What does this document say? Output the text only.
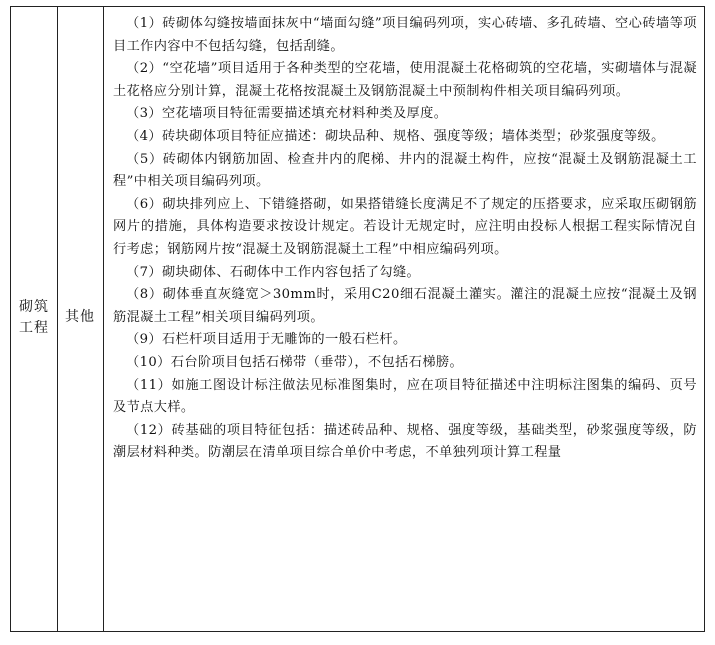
砌筑
工程
其他

（1）砖砌体勾缝按墙面抹灰中“墙面勾缝”项目编码列项，实心砖墙、多孔砖墙、空心砖墙等项目工作内容中不包括勾缝，包括刮缝。

（2）“空花墙”项目适用于各种类型的空花墙，使用混凝土花格砌筑的空花墙，实砌墙体与混凝土花格应分别计算，混凝土花格按混凝土及钢筋混凝土中预制构件相关项目编码列项。

（3）空花墙项目特征需要描述填充材料种类及厚度。

（4）砖块砌体项目特征应描述：砌块品种、规格、强度等级；墙体类型；砂浆强度等级。

（5）砖砌体内钢筋加固、检查井内的爬梯、井内的混凝土构件，应按“混凝土及钢筋混凝土工程”中相关项目编码列项。

（6）砌块排列应上、下错缝搭砌，如果搭错缝长度满足不了规定的压搭要求，应采取压砌钢筋网片的措施，具体构造要求按设计规定。若设计无规定时，应注明由投标人根据工程实际情况自行考虑；钢筋网片按“混凝土及钢筋混凝土工程”中相应编码列项。

（7）砌块砌体、石砌体中工作内容包括了勾缝。

（8）砌体垂直灰缝宽＞30mm时，采用C20细石混凝土灌实。灌注的混凝土应按“混凝土及钢筋混凝土工程”相关项目编码列项。

（9）石栏杆项目适用于无雕饰的一般石栏杆。

（10）石台阶项目包括石梯带（垂带），不包括石梯膀。

（11）如施工图设计标注做法见标准图集时，应在项目特征描述中注明标注图集的编码、页号及节点大样。

（12）砖基础的项目特征包括：描述砖品种、规格、强度等级，基础类型，砂浆强度等级，防潮层材料种类。防潮层在清单项目综合单价中考虑，不单独列项计算工程量
